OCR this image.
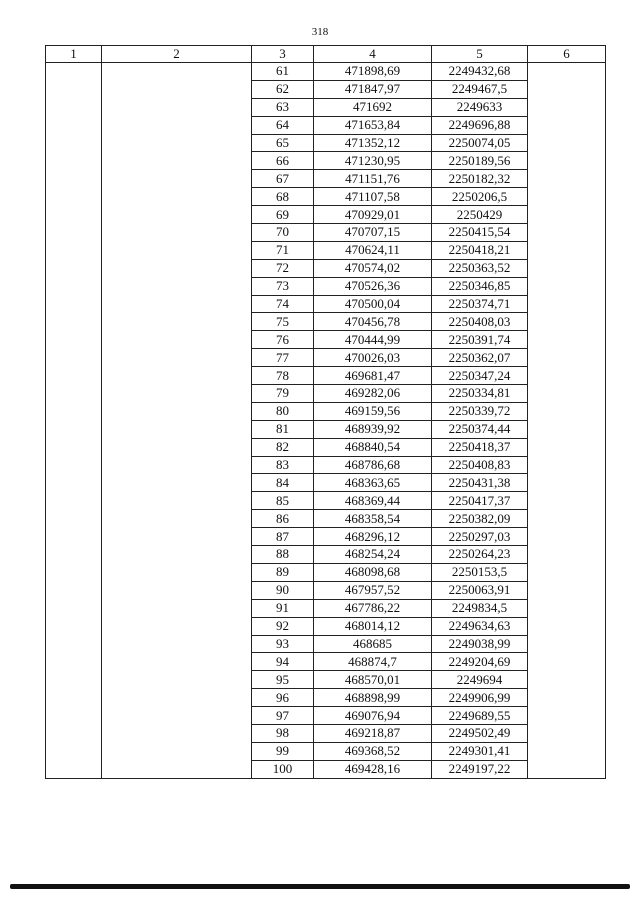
318
1	2	3	4	5	6
		61	471898,69	2249432,68	
		62	471847,97	2249467,5	
		63	471692	2249633	
		64	471653,84	2249696,88	
		65	471352,12	2250074,05	
		66	471230,95	2250189,56	
		67	471151,76	2250182,32	
		68	471107,58	2250206,5	
		69	470929,01	2250429	
		70	470707,15	2250415,54	
		71	470624,11	2250418,21	
		72	470574,02	2250363,52	
		73	470526,36	2250346,85	
		74	470500,04	2250374,71	
		75	470456,78	2250408,03	
		76	470444,99	2250391,74	
		77	470026,03	2250362,07	
		78	469681,47	2250347,24	
		79	469282,06	2250334,81	
		80	469159,56	2250339,72	
		81	468939,92	2250374,44	
		82	468840,54	2250418,37	
		83	468786,68	2250408,83	
		84	468363,65	2250431,38	
		85	468369,44	2250417,37	
		86	468358,54	2250382,09	
		87	468296,12	2250297,03	
		88	468254,24	2250264,23	
		89	468098,68	2250153,5	
		90	467957,52	2250063,91	
		91	467786,22	2249834,5	
		92	468014,12	2249634,63	
		93	468685	2249038,99	
		94	468874,7	2249204,69	
		95	468570,01	2249694	
		96	468898,99	2249906,99	
		97	469076,94	2249689,55	
		98	469218,87	2249502,49	
		99	469368,52	2249301,41	
		100	469428,16	2249197,22	
